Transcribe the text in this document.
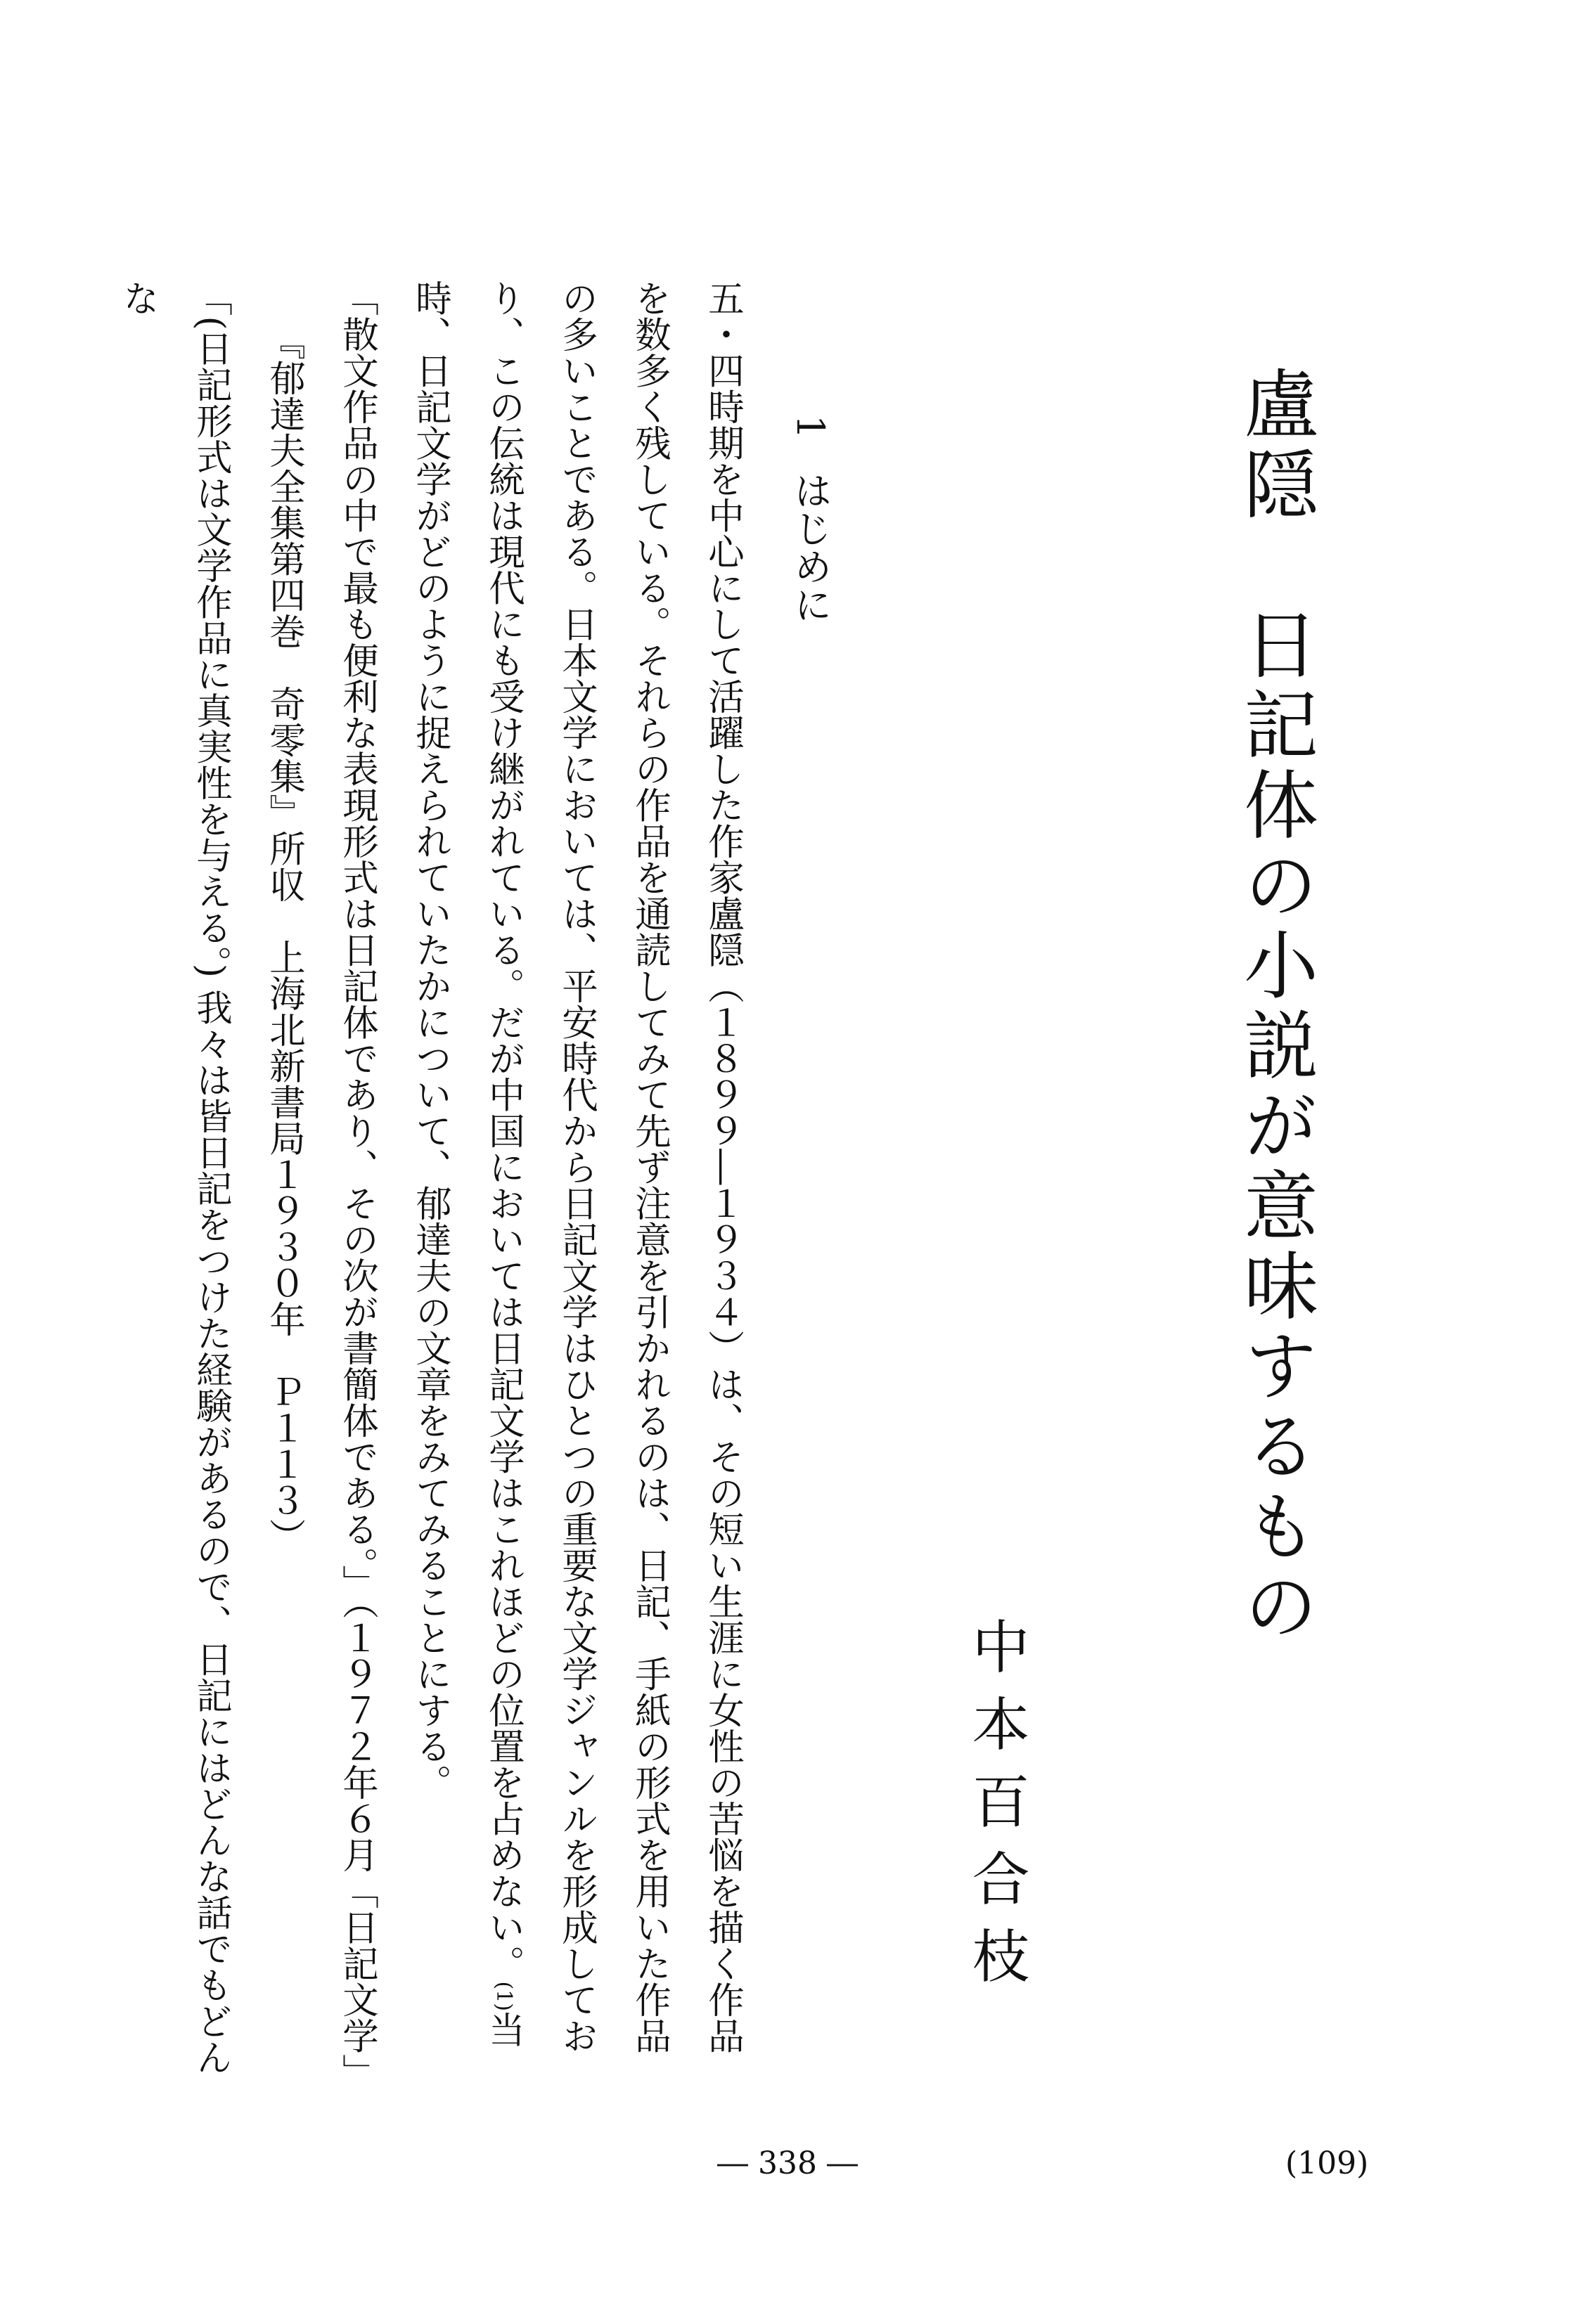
盧隠　日記体の小説が意味するもの
中本百合枝
1はじめに

五・四時期を中心にして活躍した作家盧隠（１８９９―１９３４）は、その短い生涯に女性の苦悩を描く作品を数多く残している。それらの作品を通読してみて先ず注意を引かれるのは、日記、手紙の形式を用いた作品の多いことである。日本文学においては、平安時代から日記文学はひとつの重要な文学ジャンルを形成しており、この伝統は現代にも受け継がれている。だが中国においては日記文学はこれほどの位置を占めない。(1)当時、日記文学がどのように捉えられていたかについて、郁達夫の文章をみてみることにする。

「散文作品の中で最も便利な表現形式は日記体であり、その次が書簡体である。」（１９７２年６月「日記文学」

『郁達夫全集第四巻　奇零集』所収　上海北新書局１９３０年　Ｐ１１３）

「(日記形式は文学作品に真実性を与える。) 我々は皆日記をつけた経験があるので、日記にはどんな話でもどんな

― 338 ―	(109)
